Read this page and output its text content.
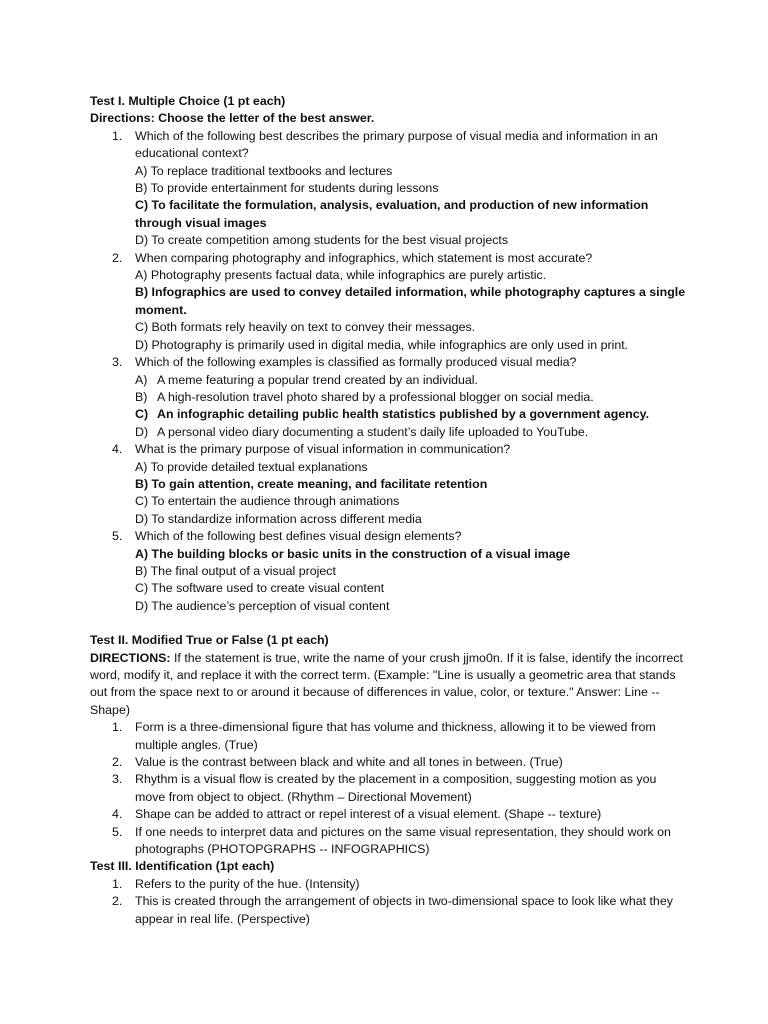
Test I. Multiple Choice (1 pt each)
Directions: Choose the letter of the best answer.
1. Which of the following best describes the primary purpose of visual media and information in an educational context?
A) To replace traditional textbooks and lectures
B) To provide entertainment for students during lessons
C) To facilitate the formulation, analysis, evaluation, and production of new information through visual images
D) To create competition among students for the best visual projects
2. When comparing photography and infographics, which statement is most accurate?
A) Photography presents factual data, while infographics are purely artistic.
B) Infographics are used to convey detailed information, while photography captures a single moment.
C) Both formats rely heavily on text to convey their messages.
D) Photography is primarily used in digital media, while infographics are only used in print.
3. Which of the following examples is classified as formally produced visual media?
A) A meme featuring a popular trend created by an individual.
B) A high-resolution travel photo shared by a professional blogger on social media.
C) An infographic detailing public health statistics published by a government agency.
D) A personal video diary documenting a student’s daily life uploaded to YouTube.
4. What is the primary purpose of visual information in communication?
A) To provide detailed textual explanations
B) To gain attention, create meaning, and facilitate retention
C) To entertain the audience through animations
D) To standardize information across different media
5. Which of the following best defines visual design elements?
A) The building blocks or basic units in the construction of a visual image
B) The final output of a visual project
C) The software used to create visual content
D) The audience’s perception of visual content
Test II. Modified True or False (1 pt each)

DIRECTIONS: If the statement is true, write the name of your crush jjmo0n. If it is false, identify the incorrect word, modify it, and replace it with the correct term. (Example: "Line is usually a geometric area that stands out from the space next to or around it because of differences in value, color, or texture." Answer: Line -- Shape)

1. Form is a three-dimensional figure that has volume and thickness, allowing it to be viewed from multiple angles. (True)
2. Value is the contrast between black and white and all tones in between. (True)
3. Rhythm is a visual flow is created by the placement in a composition, suggesting motion as you move from object to object. (Rhythm – Directional Movement)
4. Shape can be added to attract or repel interest of a visual element. (Shape -- texture)
5. If one needs to interpret data and pictures on the same visual representation, they should work on photographs (PHOTOPGRAPHS -- INFOGRAPHICS)
Test III. Identification (1pt each)
1. Refers to the purity of the hue. (Intensity)
2. This is created through the arrangement of objects in two-dimensional space to look like what they appear in real life. (Perspective)
